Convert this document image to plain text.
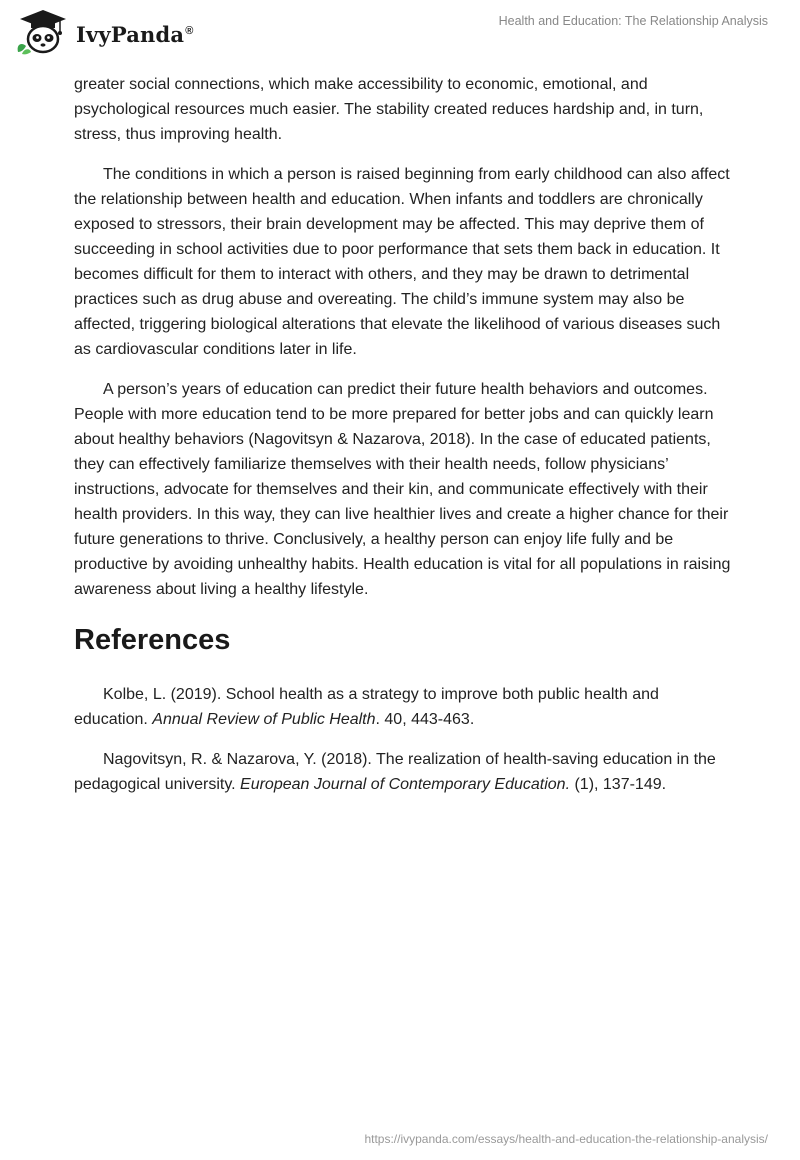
IvyPanda®
Health and Education: The Relationship Analysis

greater social connections, which make accessibility to economic, emotional, and psychological resources much easier. The stability created reduces hardship and, in turn, stress, thus improving health.

The conditions in which a person is raised beginning from early childhood can also affect the relationship between health and education. When infants and toddlers are chronically exposed to stressors, their brain development may be affected. This may deprive them of succeeding in school activities due to poor performance that sets them back in education. It becomes difficult for them to interact with others, and they may be drawn to detrimental practices such as drug abuse and overeating. The child’s immune system may also be affected, triggering biological alterations that elevate the likelihood of various diseases such as cardiovascular conditions later in life.

A person’s years of education can predict their future health behaviors and outcomes. People with more education tend to be more prepared for better jobs and can quickly learn about healthy behaviors (Nagovitsyn & Nazarova, 2018). In the case of educated patients, they can effectively familiarize themselves with their health needs, follow physicians’ instructions, advocate for themselves and their kin, and communicate effectively with their health providers. In this way, they can live healthier lives and create a higher chance for their future generations to thrive. Conclusively, a healthy person can enjoy life fully and be productive by avoiding unhealthy habits. Health education is vital for all populations in raising awareness about living a healthy lifestyle.

References

Kolbe, L. (2019). School health as a strategy to improve both public health and education. Annual Review of Public Health. 40, 443-463.

Nagovitsyn, R. & Nazarova, Y. (2018). The realization of health-saving education in the pedagogical university. European Journal of Contemporary Education. (1), 137-149.

https://ivypanda.com/essays/health-and-education-the-relationship-analysis/
